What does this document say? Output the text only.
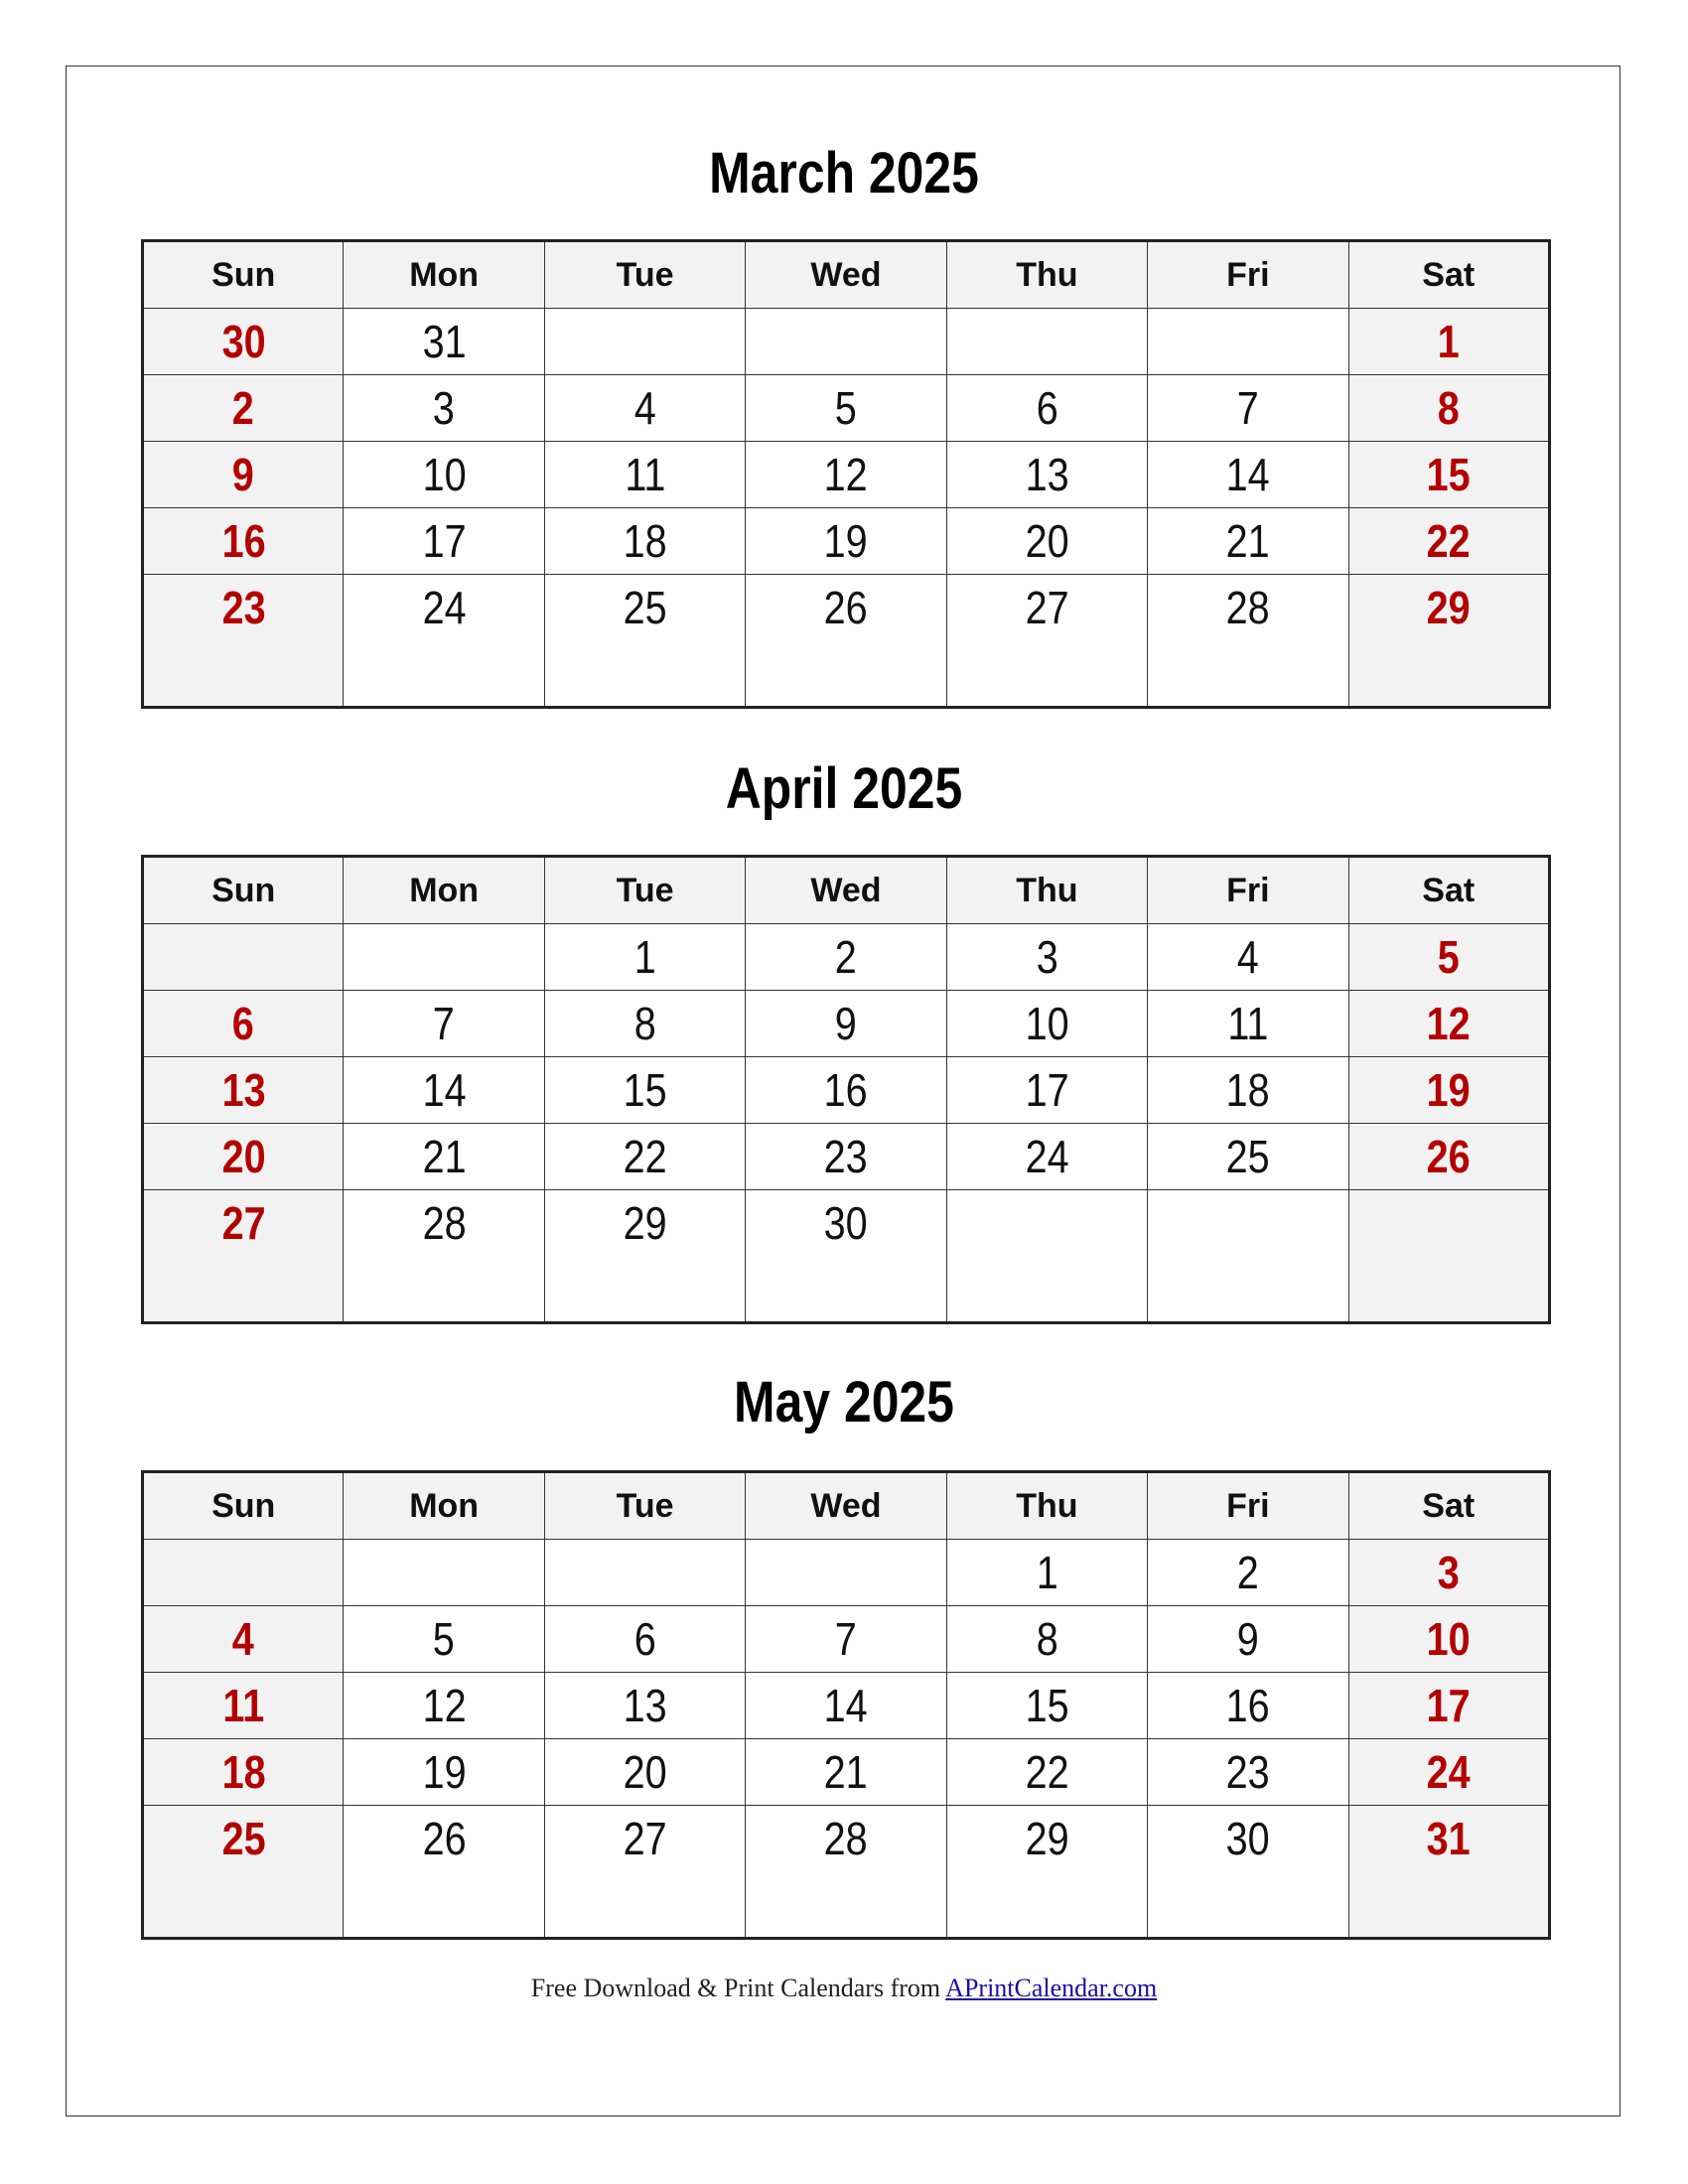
March 2025
Sun	Mon	Tue	Wed	Thu	Fri	Sat
30	31					1
2	3	4	5	6	7	8
9	10	11	12	13	14	15
16	17	18	19	20	21	22
23	24	25	26	27	28	29
April 2025
Sun	Mon	Tue	Wed	Thu	Fri	Sat
		1	2	3	4	5
6	7	8	9	10	11	12
13	14	15	16	17	18	19
20	21	22	23	24	25	26
27	28	29	30			
May 2025
Sun	Mon	Tue	Wed	Thu	Fri	Sat
				1	2	3
4	5	6	7	8	9	10
11	12	13	14	15	16	17
18	19	20	21	22	23	24
25	26	27	28	29	30	31
Free Download & Print Calendars from APrintCalendar.com
